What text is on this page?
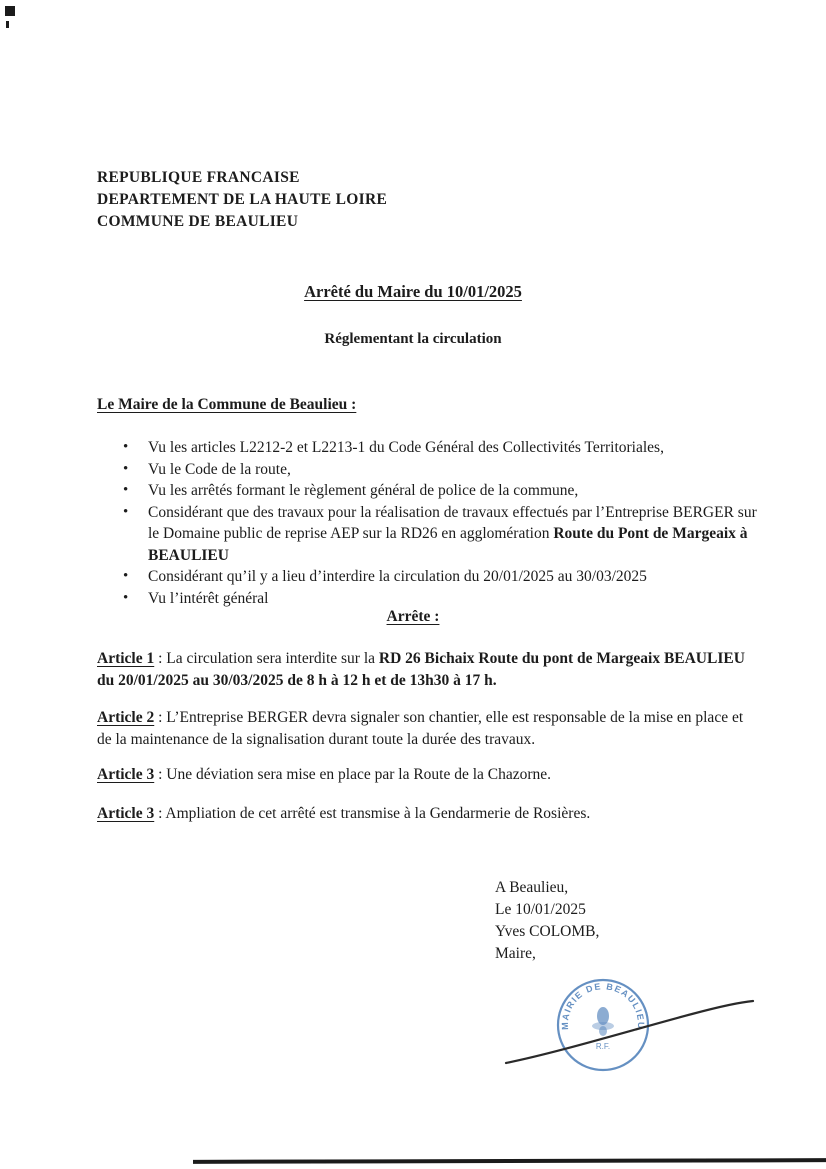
REPUBLIQUE FRANCAISE
DEPARTEMENT DE LA HAUTE LOIRE
COMMUNE DE BEAULIEU
Arrêté du Maire du 10/01/2025
Réglementant la circulation
Le Maire de la Commune de Beaulieu :
• Vu les articles L2212-2 et L2213-1 du Code Général des Collectivités Territoriales,
• Vu le Code de la route,
• Vu les arrêtés formant le règlement général de police de la commune,
• Considérant que des travaux pour la réalisation de travaux effectués par l’Entreprise BERGER sur le Domaine public de reprise AEP sur la RD26 en agglomération Route du Pont de Margeaix à BEAULIEU
• Considérant qu’il y a lieu d’interdire la circulation du 20/01/2025 au 30/03/2025
• Vu l’intérêt général
Arrête :

Article 1 : La circulation sera interdite sur la RD 26 Bichaix Route du pont de Margeaix BEAULIEU du 20/01/2025 au 30/03/2025 de 8 h à 12 h et de 13h30 à 17 h.

Article 2 : L’Entreprise BERGER devra signaler son chantier, elle est responsable de la mise en place et de la maintenance de la signalisation durant toute la durée des travaux.

Article 3 : Une déviation sera mise en place par la Route de la Chazorne.

Article 3 : Ampliation de cet arrêté est transmise à la Gendarmerie de Rosières.

A Beaulieu,
Le 10/01/2025
Yves COLOMB,
Maire,
MAIRIE DE BEAULIEU
R.F.
